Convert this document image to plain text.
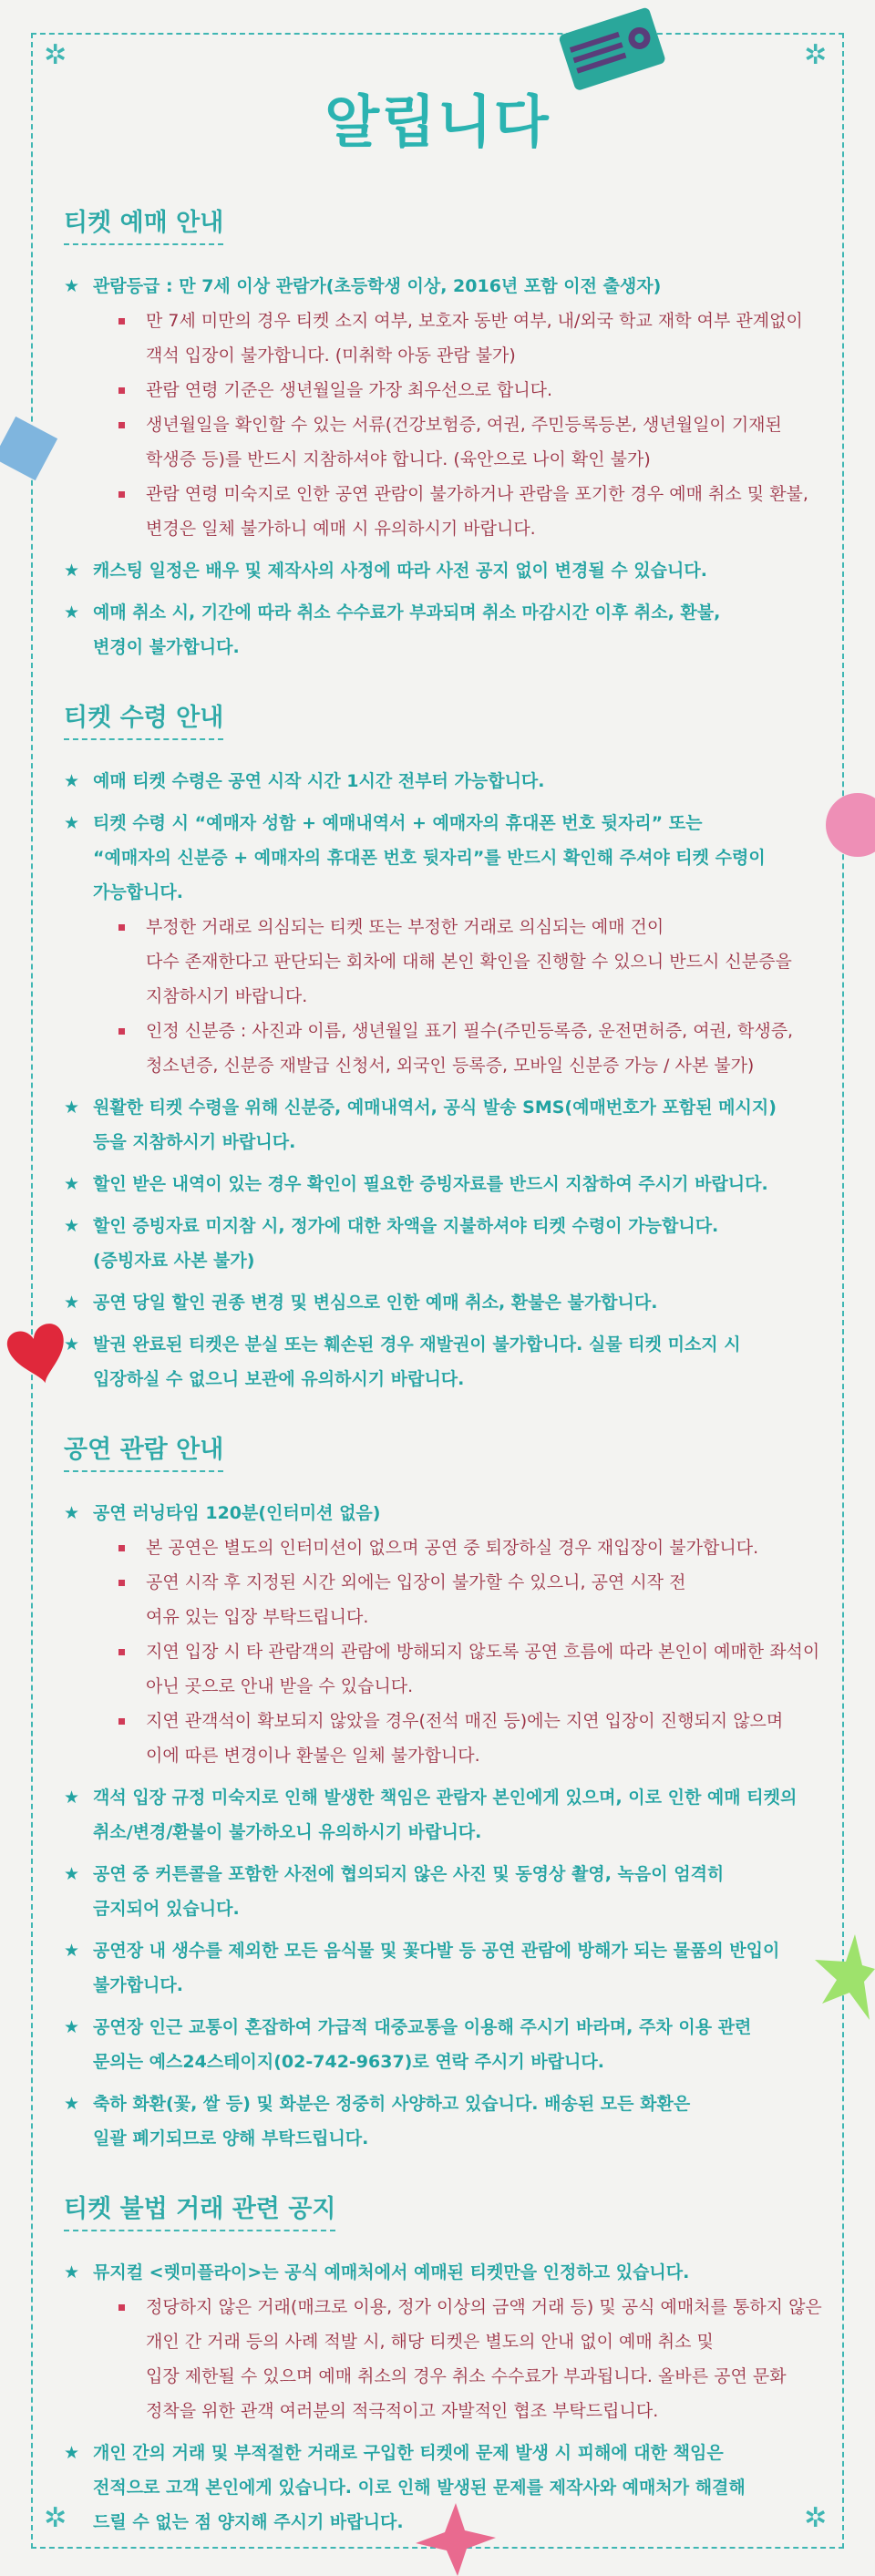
✲	✲
✲	✲
알립니다
티켓 예매 안내
★ 관람등급 : 만 7세 이상 관람가(초등학생 이상, 2016년 포함 이전 출생자)
만 7세 미만의 경우 티켓 소지 여부, 보호자 동반 여부, 내/외국 학교 재학 여부 관계없이
객석 입장이 불가합니다. (미취학 아동 관람 불가)
관람 연령 기준은 생년월일을 가장 최우선으로 합니다.
생년월일을 확인할 수 있는 서류(건강보험증, 여권, 주민등록등본, 생년월일이 기재된
학생증 등)를 반드시 지참하셔야 합니다. (육안으로 나이 확인 불가)
관람 연령 미숙지로 인한 공연 관람이 불가하거나 관람을 포기한 경우 예매 취소 및 환불,
변경은 일체 불가하니 예매 시 유의하시기 바랍니다.
★ 캐스팅 일정은 배우 및 제작사의 사정에 따라 사전 공지 없이 변경될 수 있습니다.
★ 예매 취소 시, 기간에 따라 취소 수수료가 부과되며 취소 마감시간 이후 취소, 환불,
변경이 불가합니다.
티켓 수령 안내
★ 예매 티켓 수령은 공연 시작 시간 1시간 전부터 가능합니다.
★ 티켓 수령 시 “예매자 성함 + 예매내역서 + 예매자의 휴대폰 번호 뒷자리” 또는
“예매자의 신분증 + 예매자의 휴대폰 번호 뒷자리”를 반드시 확인해 주셔야 티켓 수령이
가능합니다.
부정한 거래로 의심되는 티켓 또는 부정한 거래로 의심되는 예매 건이
다수 존재한다고 판단되는 회차에 대해 본인 확인을 진행할 수 있으니 반드시 신분증을
지참하시기 바랍니다.
인정 신분증 : 사진과 이름, 생년월일 표기 필수(주민등록증, 운전면허증, 여권, 학생증,
청소년증, 신분증 재발급 신청서, 외국인 등록증, 모바일 신분증 가능 / 사본 불가)
★ 원활한 티켓 수령을 위해 신분증, 예매내역서, 공식 발송 SMS(예매번호가 포함된 메시지)
등을 지참하시기 바랍니다.
★ 할인 받은 내역이 있는 경우 확인이 필요한 증빙자료를 반드시 지참하여 주시기 바랍니다.
★ 할인 증빙자료 미지참 시, 정가에 대한 차액을 지불하셔야 티켓 수령이 가능합니다.
(증빙자료 사본 불가)
★ 공연 당일 할인 권종 변경 및 변심으로 인한 예매 취소, 환불은 불가합니다.
★ 발권 완료된 티켓은 분실 또는 훼손된 경우 재발권이 불가합니다. 실물 티켓 미소지 시
입장하실 수 없으니 보관에 유의하시기 바랍니다.
공연 관람 안내
★ 공연 러닝타임 120분(인터미션 없음)
본 공연은 별도의 인터미션이 없으며 공연 중 퇴장하실 경우 재입장이 불가합니다.
공연 시작 후 지정된 시간 외에는 입장이 불가할 수 있으니, 공연 시작 전
여유 있는 입장 부탁드립니다.
지연 입장 시 타 관람객의 관람에 방해되지 않도록 공연 흐름에 따라 본인이 예매한 좌석이
아닌 곳으로 안내 받을 수 있습니다.
지연 관객석이 확보되지 않았을 경우(전석 매진 등)에는 지연 입장이 진행되지 않으며
이에 따른 변경이나 환불은 일체 불가합니다.
★ 객석 입장 규정 미숙지로 인해 발생한 책임은 관람자 본인에게 있으며, 이로 인한 예매 티켓의
취소/변경/환불이 불가하오니 유의하시기 바랍니다.
★ 공연 중 커튼콜을 포함한 사전에 협의되지 않은 사진 및 동영상 촬영, 녹음이 엄격히
금지되어 있습니다.
★ 공연장 내 생수를 제외한 모든 음식물 및 꽃다발 등 공연 관람에 방해가 되는 물품의 반입이
불가합니다.
★ 공연장 인근 교통이 혼잡하여 가급적 대중교통을 이용해 주시기 바라며, 주차 이용 관련
문의는 예스24스테이지(02-742-9637)로 연락 주시기 바랍니다.
★ 축하 화환(꽃, 쌀 등) 및 화분은 정중히 사양하고 있습니다. 배송된 모든 화환은
일괄 폐기되므로 양해 부탁드립니다.
티켓 불법 거래 관련 공지
★ 뮤지컬 <렛미플라이>는 공식 예매처에서 예매된 티켓만을 인정하고 있습니다.
정당하지 않은 거래(매크로 이용, 정가 이상의 금액 거래 등) 및 공식 예매처를 통하지 않은
개인 간 거래 등의 사례 적발 시, 해당 티켓은 별도의 안내 없이 예매 취소 및
입장 제한될 수 있으며 예매 취소의 경우 취소 수수료가 부과됩니다. 올바른 공연 문화
정착을 위한 관객 여러분의 적극적이고 자발적인 협조 부탁드립니다.
★ 개인 간의 거래 및 부적절한 거래로 구입한 티켓에 문제 발생 시 피해에 대한 책임은
전적으로 고객 본인에게 있습니다. 이로 인해 발생된 문제를 제작사와 예매처가 해결해
드릴 수 없는 점 양지해 주시기 바랍니다.
